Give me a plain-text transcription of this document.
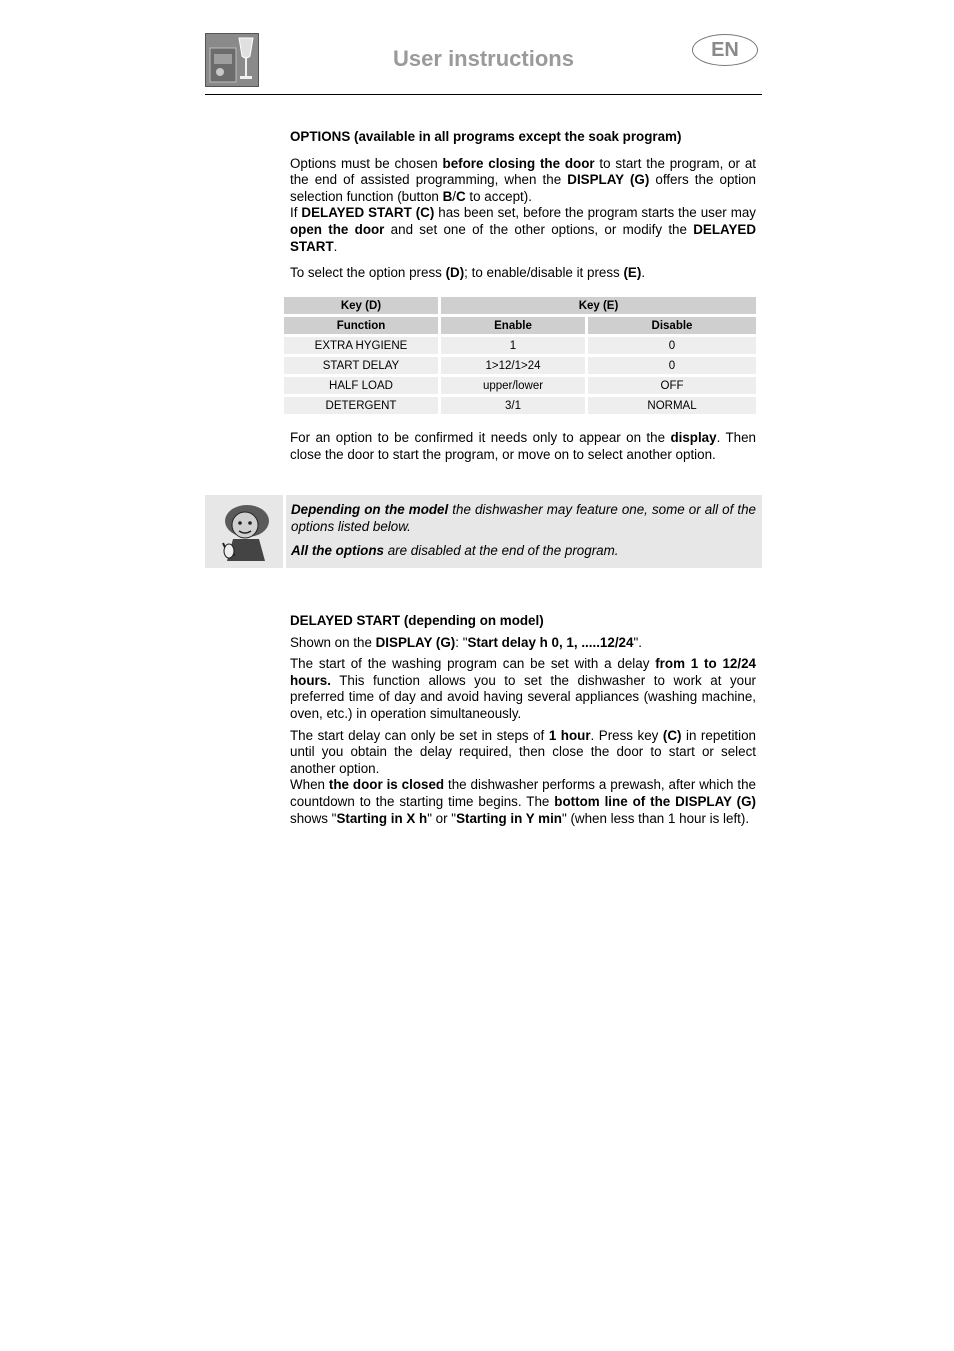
User instructions	EN

OPTIONS (available in all programs except the soak program)

Options must be chosen before closing the door to start the program, or at the end of assisted programming, when the DISPLAY (G) offers the option selection function (button B/C to accept).

If DELAYED START (C) has been set, before the program starts the user may open the door and set one of the other options, or modify the DELAYED START.

To select the option press (D); to enable/disable it press (E).

Key (D)	Key (E)	
Function	Enable	Disable
EXTRA HYGIENE	1	0
START DELAY	1>12/1>24	0
HALF LOAD	upper/lower	OFF
DETERGENT	3/1	NORMAL

For an option to be confirmed it needs only to appear on the display. Then close the door to start the program, or move on to select another option.

Depending on the model the dishwasher may feature one, some or all of the options listed below.

All the options are disabled at the end of the program.

DELAYED START (depending on model)

Shown on the DISPLAY (G): "Start delay h 0, 1, .....12/24".

The start of the washing program can be set with a delay from 1 to 12/24 hours. This function allows you to set the dishwasher to work at your preferred time of day and avoid having several appliances (washing machine, oven, etc.) in operation simultaneously.

The start delay can only be set in steps of 1 hour. Press key (C) in repetition until you obtain the delay required, then close the door to start or select another option.

When the door is closed the dishwasher performs a prewash, after which the countdown to the starting time begins. The bottom line of the DISPLAY (G) shows "Starting in X h" or "Starting in Y min" (when less than 1 hour is left).
